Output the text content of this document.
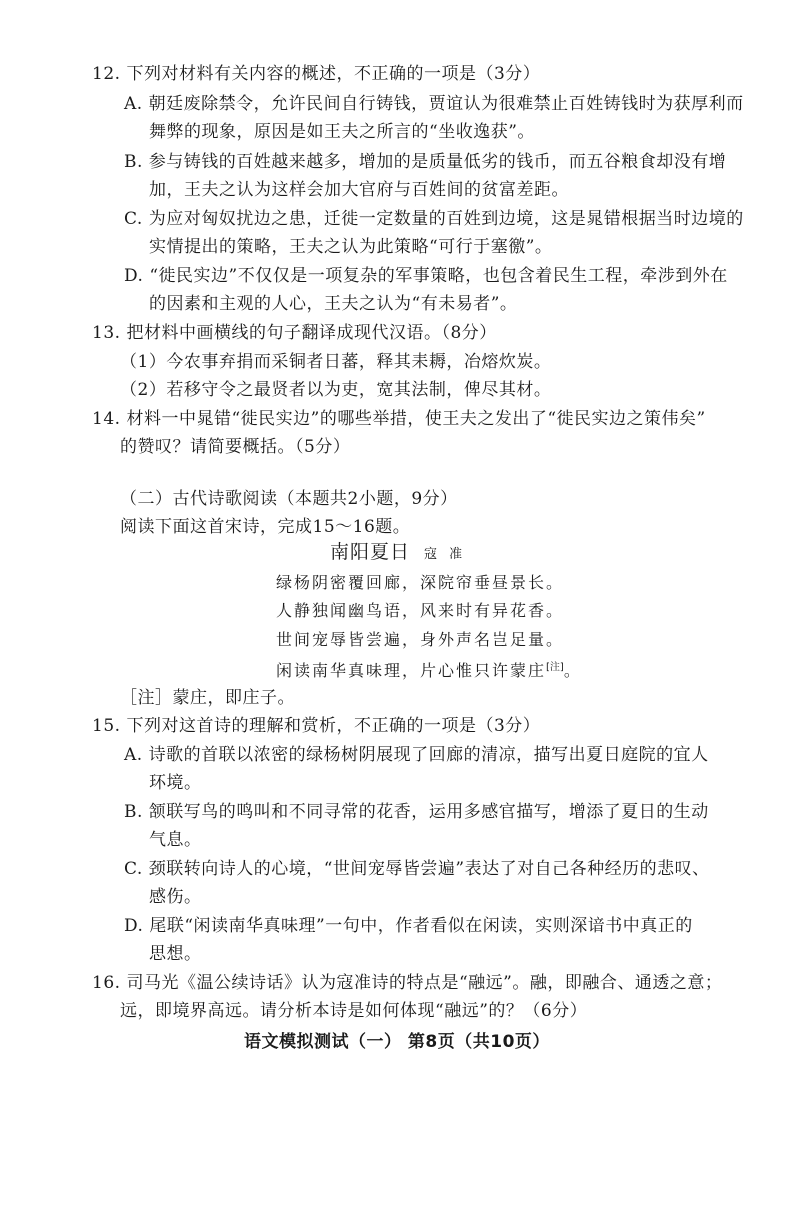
12. 下列对材料有关内容的概述，不正确的一项是（3分）
A. 朝廷废除禁令，允许民间自行铸钱，贾谊认为很难禁止百姓铸钱时为获厚利而
舞弊的现象，原因是如王夫之所言的“坐收逸获”。
B. 参与铸钱的百姓越来越多，增加的是质量低劣的钱币，而五谷粮食却没有增
加，王夫之认为这样会加大官府与百姓间的贫富差距。
C. 为应对匈奴扰边之患，迁徙一定数量的百姓到边境，这是晁错根据当时边境的
实情提出的策略，王夫之认为此策略“可行于塞徼”。
D. “徙民实边”不仅仅是一项复杂的军事策略，也包含着民生工程，牵涉到外在
的因素和主观的人心，王夫之认为“有未易者”。
13. 把材料中画横线的句子翻译成现代汉语。（8分）
（1）今农事弃捐而采铜者日蕃，释其耒耨，冶熔炊炭。
（2）若移守令之最贤者以为吏，宽其法制，俾尽其材。
14. 材料一中晁错“徙民实边”的哪些举措，使王夫之发出了“徙民实边之策伟矣”
的赞叹？请简要概括。（5分）
（二）古代诗歌阅读（本题共2小题，9分）
阅读下面这首宋诗，完成15～16题。
南阳夏日 寇 准
绿杨阴密覆回廊，深院帘垂昼景长。
人静独闻幽鸟语，风来时有异花香。
世间宠辱皆尝遍，身外声名岂足量。
闲读南华真味理，片心惟只许蒙庄[注]。
［注］蒙庄，即庄子。
15. 下列对这首诗的理解和赏析，不正确的一项是（3分）
A. 诗歌的首联以浓密的绿杨树阴展现了回廊的清凉，描写出夏日庭院的宜人
环境。
B. 颔联写鸟的鸣叫和不同寻常的花香，运用多感官描写，增添了夏日的生动
气息。
C. 颈联转向诗人的心境，“世间宠辱皆尝遍”表达了对自己各种经历的悲叹、
感伤。
D. 尾联“闲读南华真味理”一句中，作者看似在闲读，实则深谙书中真正的
思想。
16. 司马光《温公续诗话》认为寇准诗的特点是“融远”。融，即融合、通透之意；
远，即境界高远。请分析本诗是如何体现“融远”的？（6分）
语文模拟测试（一） 第8页（共10页）
